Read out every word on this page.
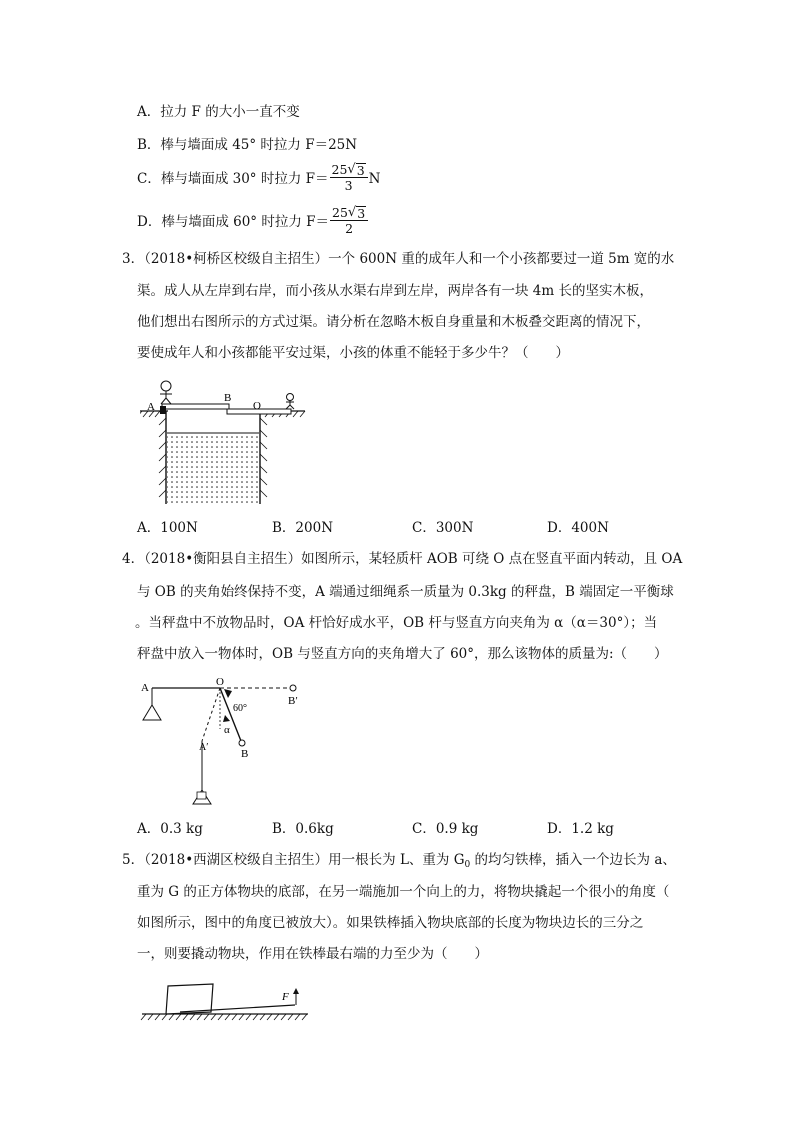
A．拉力 F 的大小一直不变
B．棒与墙面成 45° 时拉力 F＝25N
C．棒与墙面成 30° 时拉力 $F= \frac{25 √ 3}{3}$ N
D．棒与墙面成 60° 时拉力 $F= \frac{25 √ 3}{2}$
3．（2018•柯桥区校级自主招生）一个 600N 重的成年人和一个小孩都要过一道 5m 宽的水
渠。成人从左岸到右岸，而小孩从水渠右岸到左岸，两岸各有一块 4m 长的坚实木板，
他们想出右图所示的方式过渠。请分析在忽略木板自身重量和木板叠交距离的情况下，
要使成年人和小孩都能平安过渠，小孩的体重不能轻于多少牛？（　　）
A
B
O
A．100N	B．200N	C．300N	D．400N
4．（2018•衡阳县自主招生）如图所示，某轻质杆 AOB 可绕 O 点在竖直平面内转动，且 OA
与 OB 的夹角始终保持不变，A 端通过细绳系一质量为 0.3kg 的秤盘，B 端固定一平衡球
。当秤盘中不放物品时，OA 杆恰好成水平，OB 杆与竖直方向夹角为 α（α＝30°）；当
秤盘中放入一物体时，OB 与竖直方向的夹角增大了 60°，那么该物体的质量为:（　　）
A	O
B′
60°
α
A′
B
A．0.3 kg	B．0.6kg	C．0.9 kg	D．1.2 kg
5．（2018•西湖区校级自主招生）用一根长为 L、重为 $G_0$ 的均匀铁棒，插入一个边长为 a、
重为 G 的正方体物块的底部，在另一端施加一个向上的力，将物块撬起一个很小的角度（
如图所示，图中的角度已被放大）。如果铁棒插入物块底部的长度为物块边长的三分之
一，则要撬动物块，作用在铁棒最右端的力至少为（　　）
F
